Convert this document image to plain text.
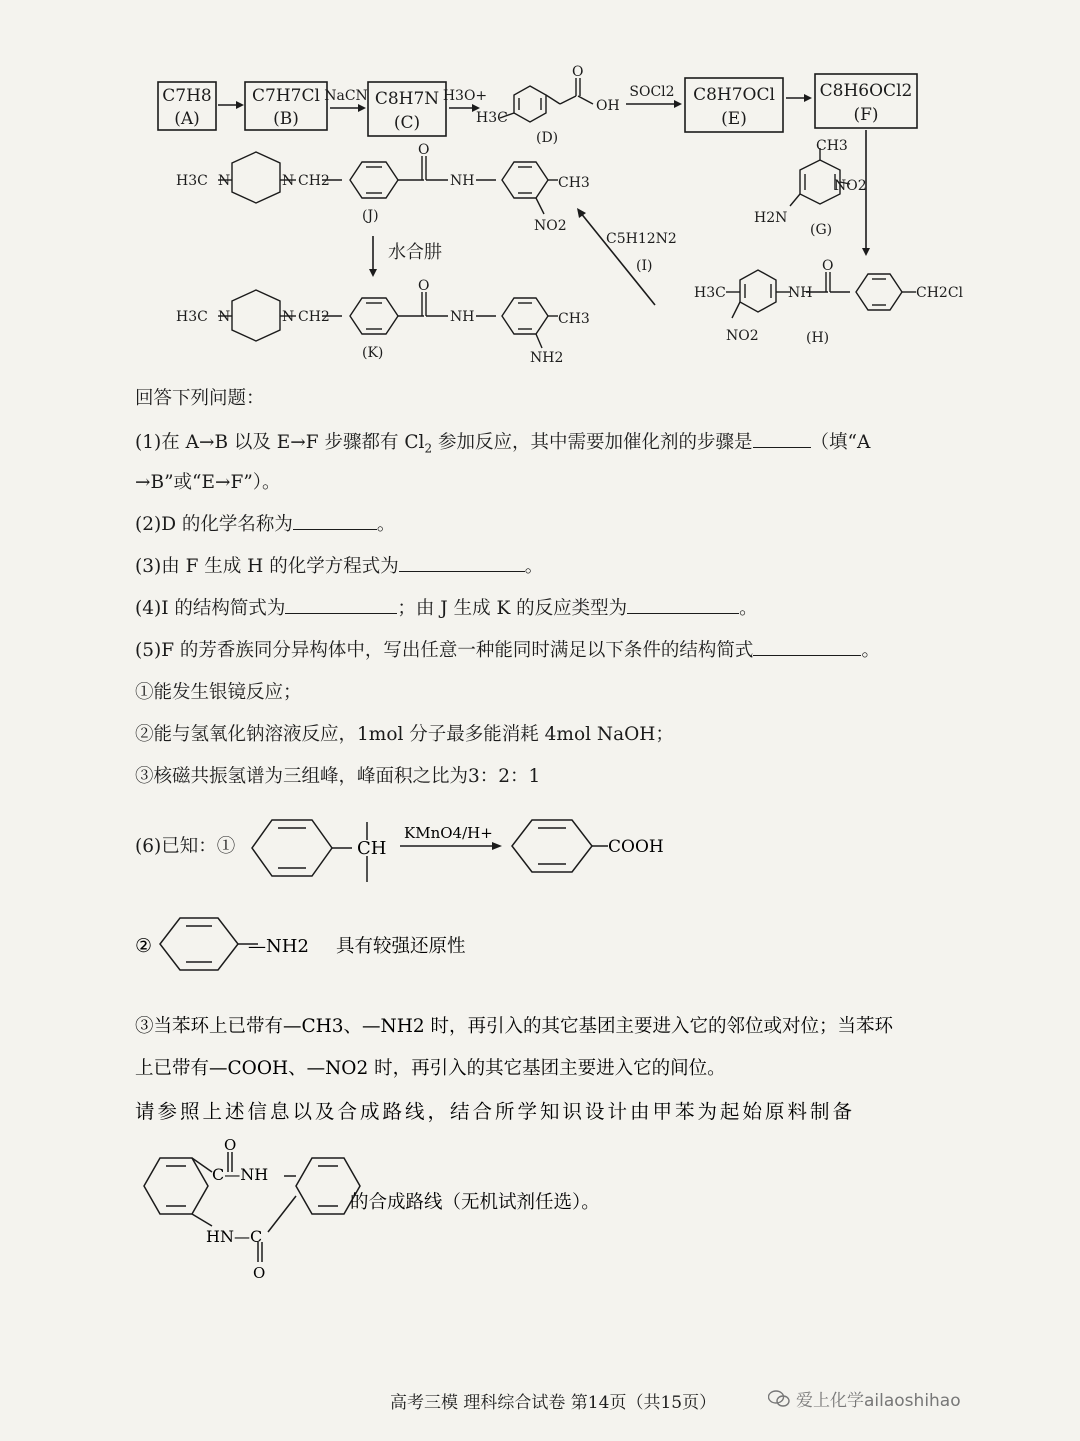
C7H8
(A)
C7H7Cl
(B)
NaCN C8H7N
(C)
H3O+	SOCl2 C8H7OCl
(E)
C8H6OCl2
(F)
H3C
O
OH
(D)
H3C N	N CH2
O
NH	CH3
NO2
(J)
水合肼
C5H12N2
(I)
CH3
NO2
H2N
(G)
H3C
NO2
NH
O
CH2Cl
(H)
H3C N	N CH2
O
NH	CH3
NH2
(K)
回答下列问题：
(1)在 A→B 以及 E→F 步骤都有 $Cl_2$ 参加反应，其中需要加催化剂的步骤是	（填“A
→B”或“E→F”）。
(2)D 的化学名称为	。
(3)由 F 生成 H 的化学方程式为	。
(4)I 的结构简式为	；由 J 生成 K 的反应类型为	。
(5)F 的芳香族同分异构体中，写出任意一种能同时满足以下条件的结构简式	。
①能发生银镜反应；
②能与氢氧化钠溶液反应，1mol 分子最多能消耗 4mol NaOH；
③核磁共振氢谱为三组峰，峰面积之比为3：2：1
(6)已知：①	CH
KMnO4/H+
COOH
②	—NH2 具有较强还原性
③当苯环上已带有—CH3、—NH2 时，再引入的其它基团主要进入它的邻位或对位；当苯环
上已带有—COOH、—NO2 时，再引入的其它基团主要进入它的间位。
请参照上述信息以及合成路线，结合所学知识设计由甲苯为起始原料制备
O
C—NH
HN—C
O
的合成路线（无机试剂任选）。
高考三模 理科综合试卷 第14页（共15页）	爱上化学ailaoshihao
